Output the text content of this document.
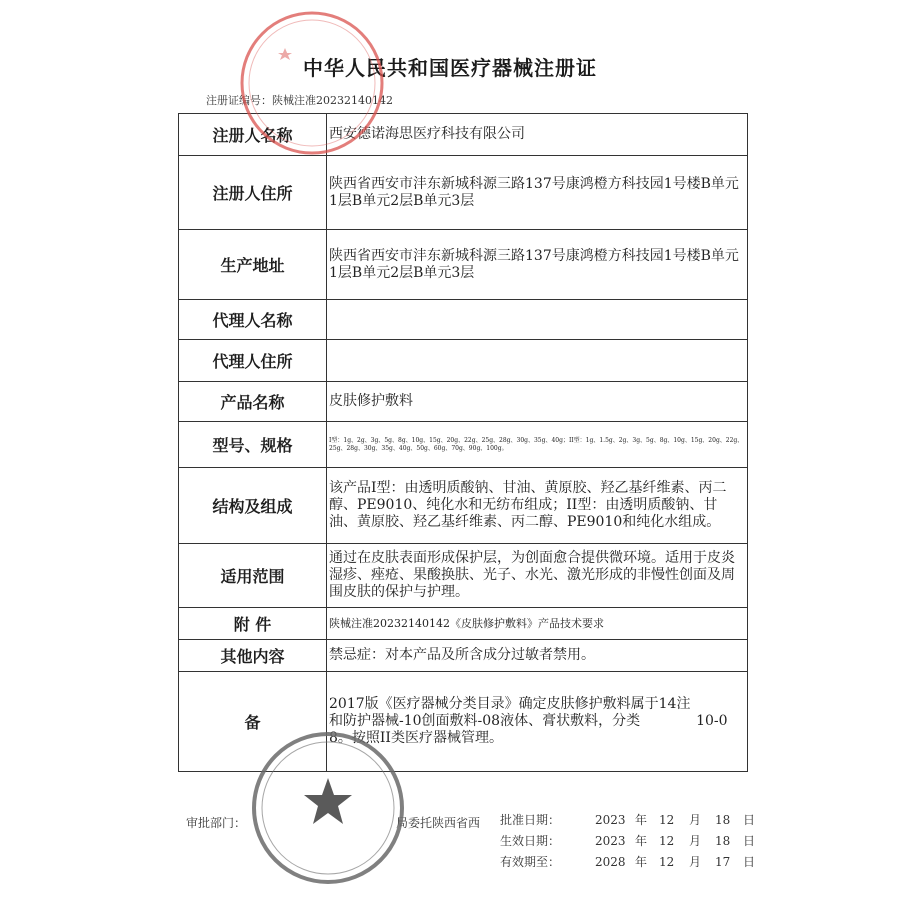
中华人民共和国医疗器械注册证
注册证编号：陕械注准20232140142
注册人名称	西安德诺海思医疗科技有限公司
注册人住所	陕西省西安市沣东新城科源三路137号康鸿橙方科技园1号楼B单元1层B单元2层B单元3层
生产地址	陕西省西安市沣东新城科源三路137号康鸿橙方科技园1号楼B单元1层B单元2层B单元3层
代理人名称	
代理人住所	
产品名称	皮肤修护敷料
型号、规格	I型：1g、2g、3g、5g、8g、10g、15g、20g、22g、25g、28g、30g、35g、40g；II型：1g、1.5g、2g、3g、5g、8g、10g、15g、20g、22g、25g、28g、30g、35g、40g、50g、60g、70g、90g、100g。
结构及组成	该产品I型：由透明质酸钠、甘油、黄原胶、羟乙基纤维素、丙二醇、PE9010、纯化水和无纺布组成；II型：由透明质酸钠、甘油、黄原胶、羟乙基纤维素、丙二醇、PE9010和纯化水组成。
适用范围	通过在皮肤表面形成保护层，为创面愈合提供微环境。适用于皮炎湿疹、痤疮、果酸换肤、光子、水光、激光形成的非慢性创面及周围皮肤的保护与护理。
附 件	陕械注准20232140142《皮肤修护敷料》产品技术要求
其他内容	禁忌症：对本产品及所含成分过敏者禁用。
备	2017版《医疗器械分类目录》确定皮肤修护敷料属于14注　　　　和防护器械-10创面敷料-08液体、膏状敷料，分类　　　　10-08。按照II类医疗器械管理。
审批部门：	局委托陕西省西 批准日期：	2023 年 12 月 18 日
生效日期：	2023 年 12 月 18 日
有效期至：	2028 年 12 月 17 日
